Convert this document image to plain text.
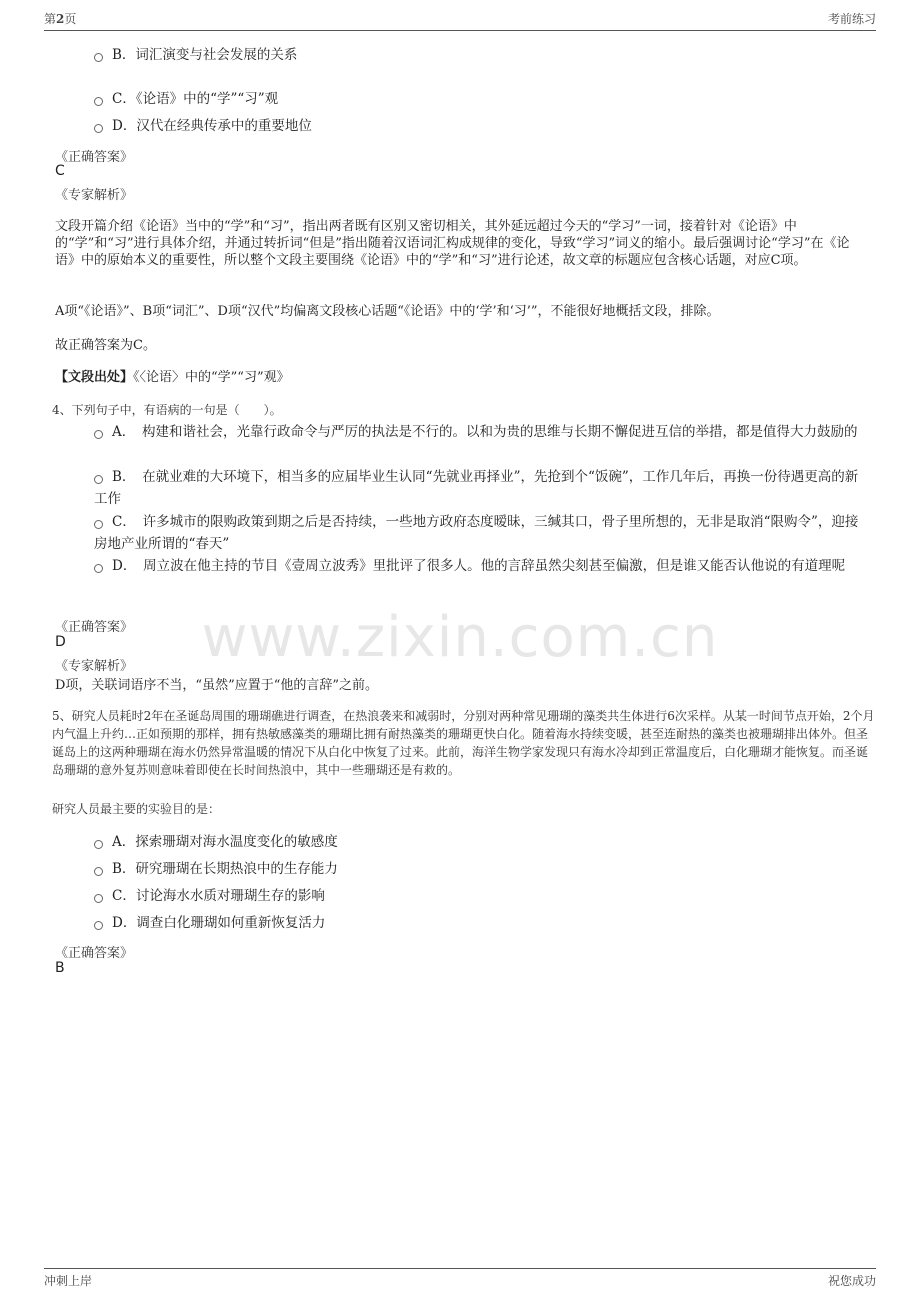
第2页	考前练习
www.zixin.com.cn
B．词汇演变与社会发展的关系
C．《论语》中的“学”“习”观
D．汉代在经典传承中的重要地位
《正确答案》
C
《专家解析》
文段开篇介绍《论语》当中的“学”和“习”，指出两者既有区别又密切相关，其外延远超过今天的“学习”一词，接着针对《论语》中的“学”和“习”进行具体介绍，并通过转折词“但是”指出随着汉语词汇构成规律的变化，导致“学习”词义的缩小。最后强调讨论“学习”在《论语》中的原始本义的重要性，所以整个文段主要围绕《论语》中的“学”和“习”进行论述，故文章的标题应包含核心话题，对应C项。
A项“《论语》”、B项“词汇”、D项“汉代”均偏离文段核心话题“《论语》中的‘学’和‘习’”，不能很好地概括文段，排除。
故正确答案为C。
【文段出处】《〈论语〉中的“学”“习”观》
4、下列句子中，有语病的一句是（　　）。
A．　构建和谐社会，光靠行政命令与严厉的执法是不行的。以和为贵的思维与长期不懈促进互信的举措，都是值得大力鼓励的
B．　在就业难的大环境下，相当多的应届毕业生认同“先就业再择业”，先抢到个“饭碗”，工作几年后，再换一份待遇更高的新工作
C．　许多城市的限购政策到期之后是否持续，一些地方政府态度暧昧，三缄其口，骨子里所想的，无非是取消“限购令”，迎接房地产业所谓的“春天”
D．　周立波在他主持的节目《壹周立波秀》里批评了很多人。他的言辞虽然尖刻甚至偏激，但是谁又能否认他说的有道理呢
《正确答案》
D
《专家解析》
D项，关联词语序不当，“虽然”应置于“他的言辞”之前。
5、研究人员耗时2年在圣诞岛周围的珊瑚礁进行调查，在热浪袭来和减弱时，分别对两种常见珊瑚的藻类共生体进行6次采样。从某一时间节点开始，2个月内气温上升约…正如预期的那样，拥有热敏感藻类的珊瑚比拥有耐热藻类的珊瑚更快白化。随着海水持续变暖，甚至连耐热的藻类也被珊瑚排出体外。但圣诞岛上的这两种珊瑚在海水仍然异常温暖的情况下从白化中恢复了过来。此前，海洋生物学家发现只有海水冷却到正常温度后，白化珊瑚才能恢复。而圣诞岛珊瑚的意外复苏则意味着即使在长时间热浪中，其中一些珊瑚还是有救的。
研究人员最主要的实验目的是：
A．探索珊瑚对海水温度变化的敏感度
B．研究珊瑚在长期热浪中的生存能力
C．讨论海水水质对珊瑚生存的影响
D．调查白化珊瑚如何重新恢复活力
《正确答案》
B
冲刺上岸	祝您成功
